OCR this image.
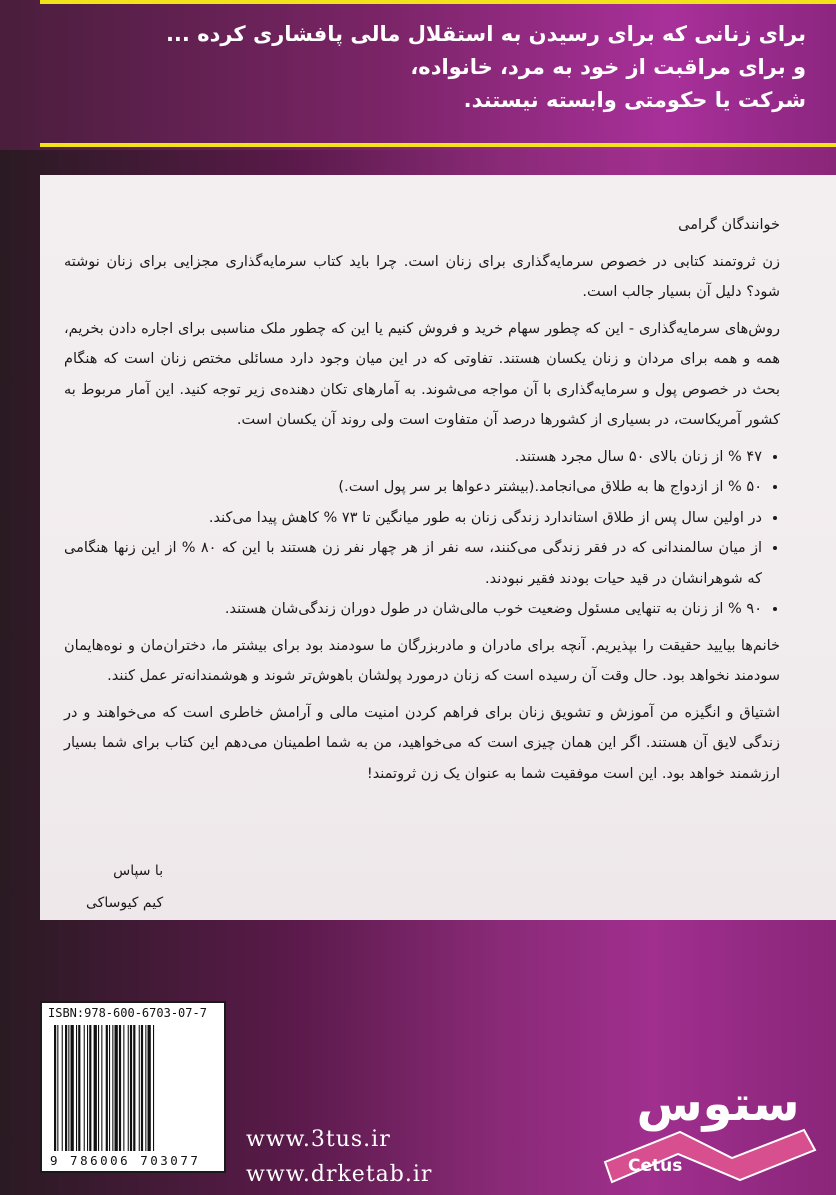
برای زنانی که برای رسیدن به استقلال مالی پافشاری کرده ...
و برای مراقبت از خود به مرد، خانواده،
شرکت یا حکومتی وابسته نیستند.

خوانندگان گرامی

زن ثروتمند کتابی در خصوص سرمایه‌گذاری برای زنان است. چرا باید کتاب سرمایه‌گذاری مجزایی برای زنان نوشته شود؟ دلیل آن بسیار جالب است.

روش‌های سرمایه‌گذاری - این که چطور سهام خرید و فروش کنیم یا این که چطور ملک مناسبی برای اجاره دادن بخریم، همه و همه برای مردان و زنان یکسان هستند. تفاوتی که در این میان وجود دارد مسائلی مختص زنان است که هنگام بحث در خصوص پول و سرمایه‌گذاری با آن مواجه می‌شوند. به آمارهای تکان دهنده‌ی زیر توجه کنید. این آمار مربوط به کشور آمریکاست، در بسیاری از کشورها درصد آن متفاوت است ولی روند آن یکسان است.

• ۴۷ % از زنان بالای ۵۰ سال مجرد هستند.
• ۵۰ % از ازدواج ها به طلاق می‌انجامد.(بیشتر دعواها بر سر پول است.)
• در اولین سال پس از طلاق استاندارد زندگی زنان به طور میانگین تا ۷۳ % کاهش پیدا می‌کند.
• از میان سالمندانی که در فقر زندگی می‌کنند، سه نفر از هر چهار نفر زن هستند با این که ۸۰ % از این زنها هنگامی که شوهرانشان در قید حیات بودند فقیر نبودند.
• ۹۰ % از زنان به تنهایی مسئول وضعیت خوب مالی‌شان در طول دوران زندگی‌شان هستند.

خانم‌ها بیایید حقیقت را بپذیریم. آنچه برای مادران و مادربزرگان ما سودمند بود برای بیشتر ما، دختران‌مان و نوه‌هایمان سودمند نخواهد بود. حال وقت آن رسیده است که زنان درمورد پولشان باهوش‌تر شوند و هوشمندانه‌تر عمل کنند.

اشتیاق و انگیزه من آموزش و تشویق زنان برای فراهم کردن امنیت مالی و آرامش خاطری است که می‌خواهند و در زندگی لایق آن هستند. اگر این همان چیزی است که می‌خواهید، من به شما اطمینان می‌دهم این کتاب برای شما بسیار ارزشمند خواهد بود. این است موفقیت شما به عنوان یک زن ثروتمند!

با سپاس
کیم کیوساکی
ISBN:978-600-6703-07-7
9 786006 703077
www.3tus.ir
www.drketab.ir
ستوس
Cetus
